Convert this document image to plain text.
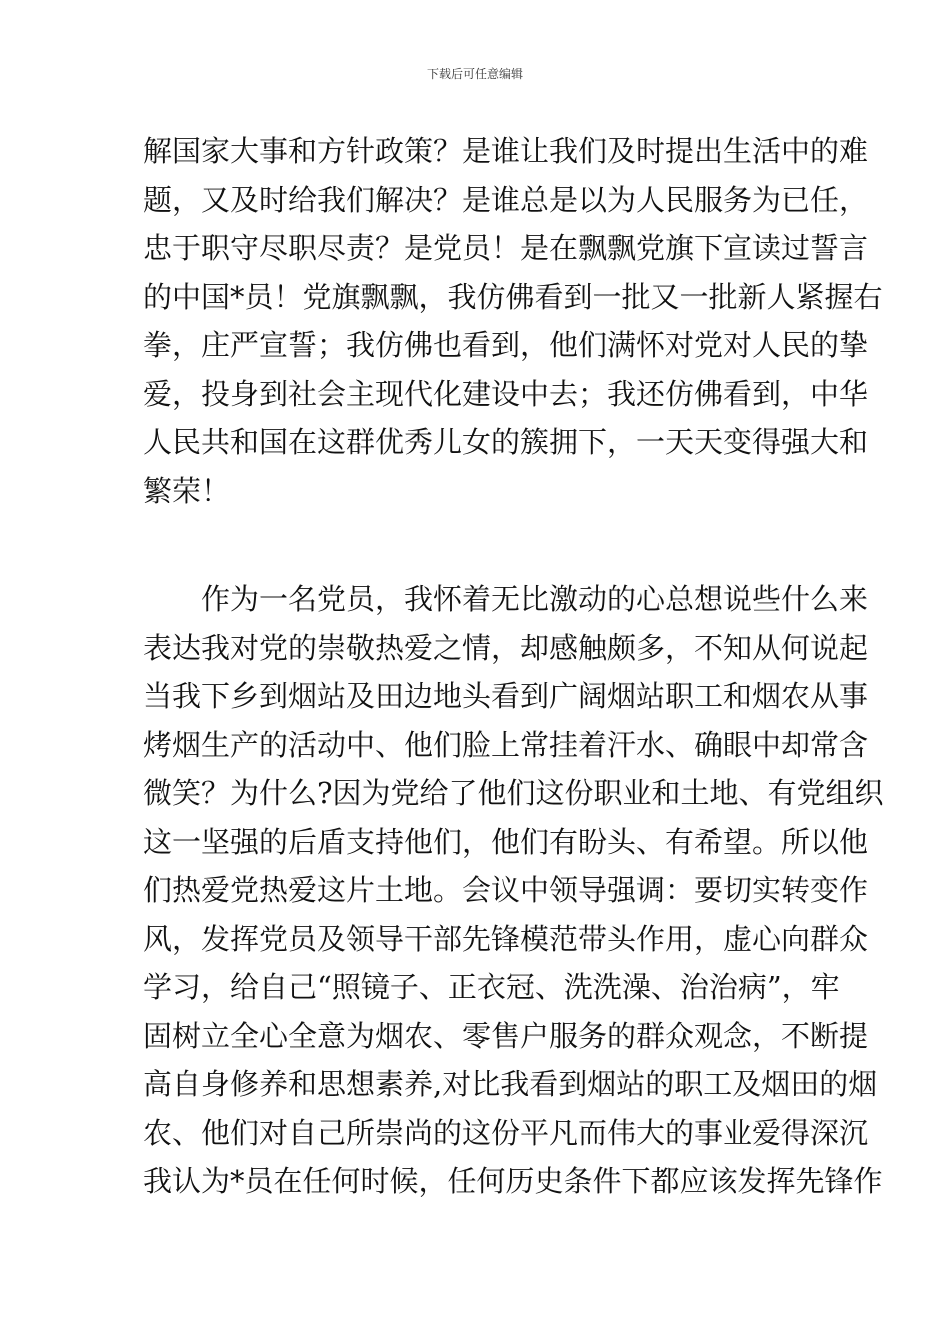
下载后可任意编辑
解国家大事和方针政策？是谁让我们及时提出生活中的难
题，又及时给我们解决？是谁总是以为人民服务为已任，
忠于职守尽职尽责？是党员！是在飘飘党旗下宣读过誓言
的中国*员！党旗飘飘，我仿佛看到一批又一批新人紧握右
拳，庄严宣誓；我仿佛也看到，他们满怀对党对人民的挚
爱，投身到社会主现代化建设中去；我还仿佛看到，中华
人民共和国在这群优秀儿女的簇拥下，一天天变得强大和
繁荣！
作为一名党员，我怀着无比激动的心总想说些什么来
表达我对党的崇敬热爱之情，却感触颇多，不知从何说起
当我下乡到烟站及田边地头看到广阔烟站职工和烟农从事
烤烟生产的活动中、他们脸上常挂着汗水、确眼中却常含
微笑？为什么?因为党给了他们这份职业和土地、有党组织
这一坚强的后盾支持他们，他们有盼头、有希望。所以他
们热爱党热爱这片土地。会议中领导强调：要切实转变作
风，发挥党员及领导干部先锋模范带头作用，虚心向群众
学习，给自己“照镜子、正衣冠、洗洗澡、治治病”，牢
固树立全心全意为烟农、零售户服务的群众观念，不断提
高自身修养和思想素养,对比我看到烟站的职工及烟田的烟
农、他们对自己所崇尚的这份平凡而伟大的事业爱得深沉
我认为*员在任何时候，任何历史条件下都应该发挥先锋作
